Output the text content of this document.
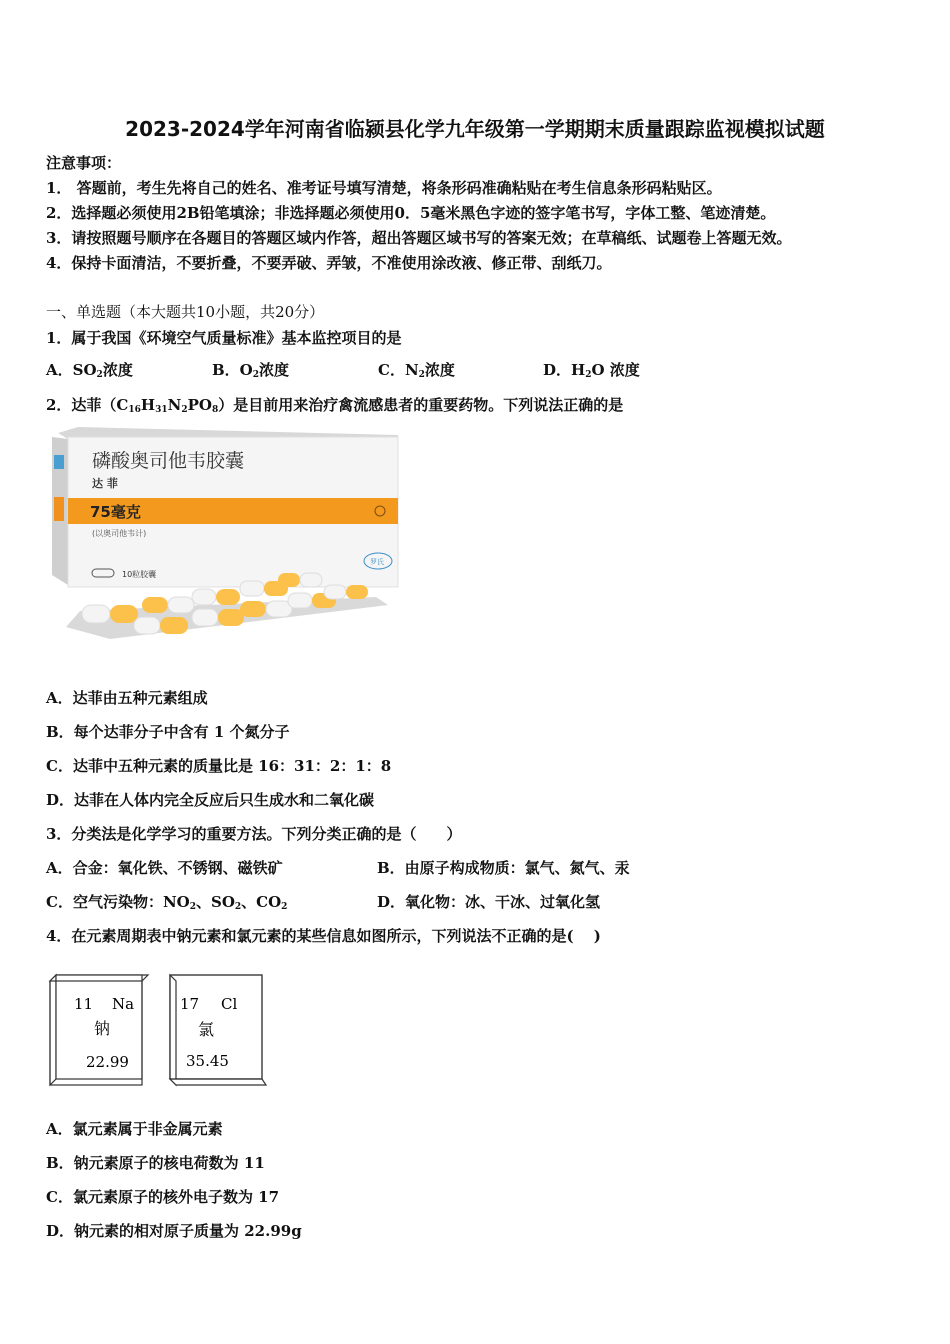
2023-2024学年河南省临颍县化学九年级第一学期期末质量跟踪监视模拟试题
注意事项：
1． 答题前，考生先将自己的姓名、准考证号填写清楚，将条形码准确粘贴在考生信息条形码粘贴区。
2．选择题必须使用2B铅笔填涂；非选择题必须使用0．5毫米黑色字迹的签字笔书写，字体工整、笔迹清楚。
3．请按照题号顺序在各题目的答题区域内作答，超出答题区域书写的答案无效；在草稿纸、试题卷上答题无效。
4．保持卡面清洁，不要折叠，不要弄破、弄皱，不准使用涂改液、修正带、刮纸刀。
一、单选题（本大题共10小题，共20分）
1．属于我国《环境空气质量标准》基本监控项目的是
A．$SO_2$浓度	B．$O_2$浓度	C．$N_2$浓度	D．$H_2O$ 浓度
2．达菲$(C_{16}H_{31}N_2PO_8)$是目前用来治疗禽流感患者的重要药物。下列说法正确的是
磷酸奥司他韦胶囊
达 菲
75毫克
(以奥司他韦计)
10粒胶囊
罗氏
A．达菲由五种元素组成
B．每个达菲分子中含有 1 个氮分子
C．达菲中五种元素的质量比是 16：31：2：1：8
D．达菲在人体内完全反应后只生成水和二氧化碳
3．分类法是化学学习的重要方法。下列分类正确的是（　　）
A．合金：氧化铁、不锈钢、磁铁矿	B．由原子构成物质：氯气、氮气、汞
C．空气污染物：$NO_2$、$SO_2$、$CO_2$	D．氧化物：冰、干冰、过氧化氢
4．在元素周期表中钠元素和氯元素的某些信息如图所示，下列说法不正确的是(　 )
11 Na
钠
22.99
17 Cl
氯
35.45
A．氯元素属于非金属元素
B．钠元素原子的核电荷数为 11
C．氯元素原子的核外电子数为 17
D．钠元素的相对原子质量为 22.99g
